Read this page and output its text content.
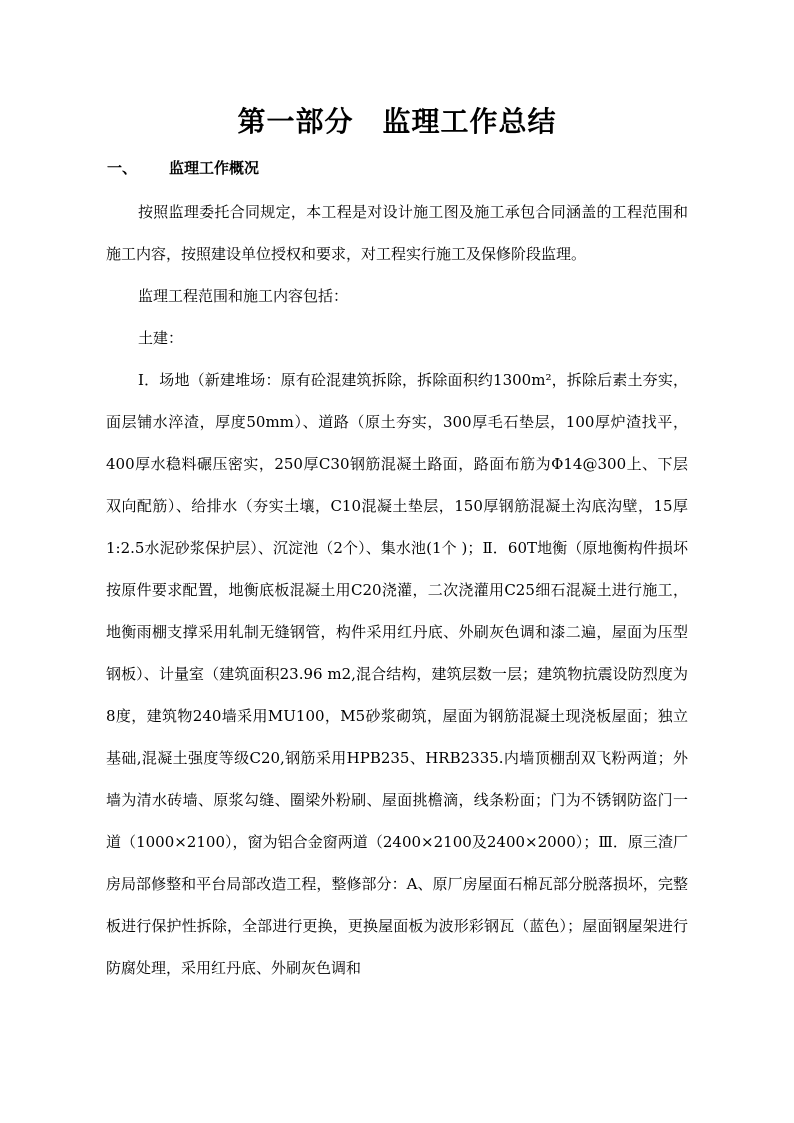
第一部分　监理工作总结
一、 监理工作概况

按照监理委托合同规定，本工程是对设计施工图及施工承包合同涵盖的工程范围和施工内容，按照建设单位授权和要求，对工程实行施工及保修阶段监理。

监理工程范围和施工内容包括：

土建：

Ⅰ．场地（新建堆场：原有砼混建筑拆除，拆除面积约1300m²，拆除后素土夯实，面层铺水淬渣，厚度50mm）、道路（原土夯实，300厚毛石垫层，100厚炉渣找平，400厚水稳料碾压密实，250厚C30钢筋混凝土路面，路面布筋为Φ14@300上、下层双向配筋）、给排水（夯实土壤，C10混凝土垫层，150厚钢筋混凝土沟底沟壁，15厚1:2.5水泥砂浆保护层）、沉淀池（2个）、集水池(1个 )；Ⅱ．60T地衡（原地衡构件损坏按原件要求配置，地衡底板混凝土用C20浇灌，二次浇灌用C25细石混凝土进行施工，地衡雨棚支撑采用轧制无缝钢管，构件采用红丹底、外刷灰色调和漆二遍，屋面为压型钢板）、计量室（建筑面积23.96 m2,混合结构，建筑层数一层；建筑物抗震设防烈度为8度，建筑物240墙采用MU100，M5砂浆砌筑，屋面为钢筋混凝土现浇板屋面；独立基础,混凝土强度等级C20,钢筋采用HPB235、HRB2335.内墙顶棚刮双飞粉两道；外墙为清水砖墙、原浆勾缝、圈梁外粉刷、屋面挑檐滴，线条粉面；门为不锈钢防盗门一道（1000×2100），窗为铝合金窗两道（2400×2100及2400×2000）；Ⅲ．原三渣厂房局部修整和平台局部改造工程，整修部分：A、原厂房屋面石棉瓦部分脱落损坏，完整板进行保护性拆除，全部进行更换，更换屋面板为波形彩钢瓦（蓝色）；屋面钢屋架进行防腐处理，采用红丹底、外刷灰色调和
